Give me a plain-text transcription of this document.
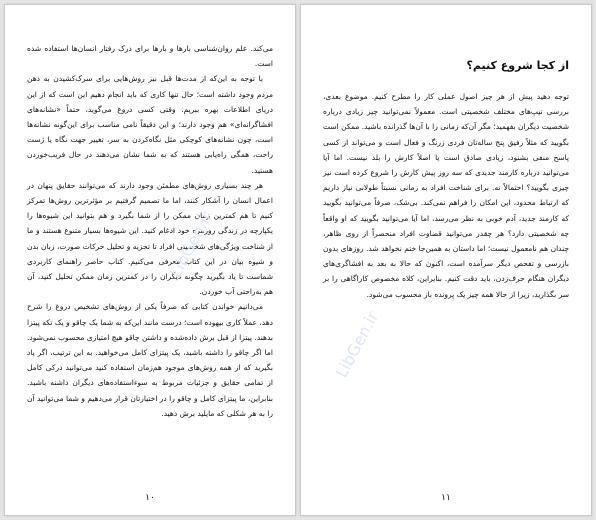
می‌کند. علم روان‌شناسی بارها و بارها برای درک رفتار انسان‌ها استفاده شده است.

با توجه به این‌که از مدت‌ها قبل نیز روش‌هایی برای سرک‌کشیدن به ذهن مردم وجود داشته است؛ حال تنها کاری که باید انجام دهیم این است که از این دریای اطلاعات بهره ببریم. وقتی کسی دروغ می‌گوید، حتماً «نشانه‌های افشاگرانه‌ای» هم وجود دارند؛ و این دقیقاً نامی مناسب برای این‌گونه نشانه‌ها است، چون نشانه‌های کوچکی مثل نگاه‌کردن به سر، تغییر جهت نگاه یا ژست راحت، همگی راه‌یابی هستند که به شما نشان می‌دهند در حال فریب‌خوردن هستید.

هر چند بسیاری روش‌های مطمئن وجود دارند که می‌توانند حقایق پنهان در اعمال انسان را آشکار کنند، اما ما تصمیم گرفتیم بر مؤثرترین روش‌ها تمرکز کنیم تا هم کمترین زمان ممکن را از شما بگیرد و هم بتوانید این شیوه‌ها را یکپارچه در زندگی روزمره خود ادغام کنید. این شیوه‌ها بسیار متنوع هستند و ما از شناخت ویژگی‌های شخصیتی افراد تا تجزیه و تحلیل حرکات صورت، زبان بدن و شیوه بیان در این کتاب معرفی می‌کنیم. کتاب حاضر راهنمای کاربردی شماست تا یاد بگیرید چگونه دیگران را در کمترین زمان ممکن تحلیل کنید، آن هم به‌راحتی آب خوردن.

می‌دانیم خواندن کتابی که صرفاً یکی از روش‌های تشخیص دروغ را شرح دهد، عملاً کاری بیهوده است؛ درست مانند این‌که به شما یک چاقو و یک تکه پیتزا بدهند. پیتزا از قبل برش داده‌شده و داشتن چاقو هیچ امتیازی محسوب نمی‌شود. اما اگر چاقو را داشته باشید، یک پیتزای کامل می‌خواهید. به این ترتیب، اگر یاد بگیرید که از همه روش‌های موجود هم‌زمان استفاده کنید می‌توانید درکی کامل از تمامی حقایق و جزئیات مربوط به سوءاستفاده‌های دیگران داشته باشید. بنابراین، ما پیتزای کامل و چاقو را در اختیارتان قرار می‌دهیم و شما می‌توانید آن را به هر شکلی که مایلید برش دهید.

LibGen.ir
١٠
از کجا شروع کنیم؟

توجه دهید پیش از هر چیز اصول عملی کار را مطرح کنیم. موضوع بعدی، بررسی تیپ‌های مختلف شخصیتی است. معمولاً نمی‌توانید چیز زیادی درباره شخصیت دیگران بفهمید؛ مگر آن‌که زمانی را با آن‌ها گذرانده باشید. ممکن است بگویید که مثلاً رفیق پنج ساله‌تان فردی زرنگ و فعال است و می‌تواند از کسی پاسخ منفی بشنود، زیادی صادق است یا اصلاً کارش را بلد نیست. اما آیا می‌توانید درباره کارمند جدیدی که سه روز پیش کارش را شروع کرده است نیز چیزی بگویید؟ احتمالاً نه. برای شناخت افراد به زمانی نسبتاً طولانی نیاز داریم که ارتباط محدود، این امکان را فراهم نمی‌کند. بی‌شک، صرفاً می‌توانید بگویید که کارمند جدید، آدم خوبی به نظر می‌رسد، اما آیا می‌توانید بگویید که او واقعاً چه شخصیتی دارد؟ هر چقدر می‌توانید قضاوت افراد منحصراً از روی ظاهر، چندان هم نامعمول نیست؛ اما داستان به همین‌جا ختم نخواهد شد. روزهای بدون بازرسی و تفحص دیگر سرآمده است، اکنون که حالا به بعد به افشاگری‌های دیگران هنگام حرف‌زدن، باید دقت کنیم. بنابراین، کلاه مخصوص کاراگاهی را بر سر بگذارید، زیرا از حالا همه چیز یک پرونده باز محسوب می‌شود.

LibGen.ir
١١
